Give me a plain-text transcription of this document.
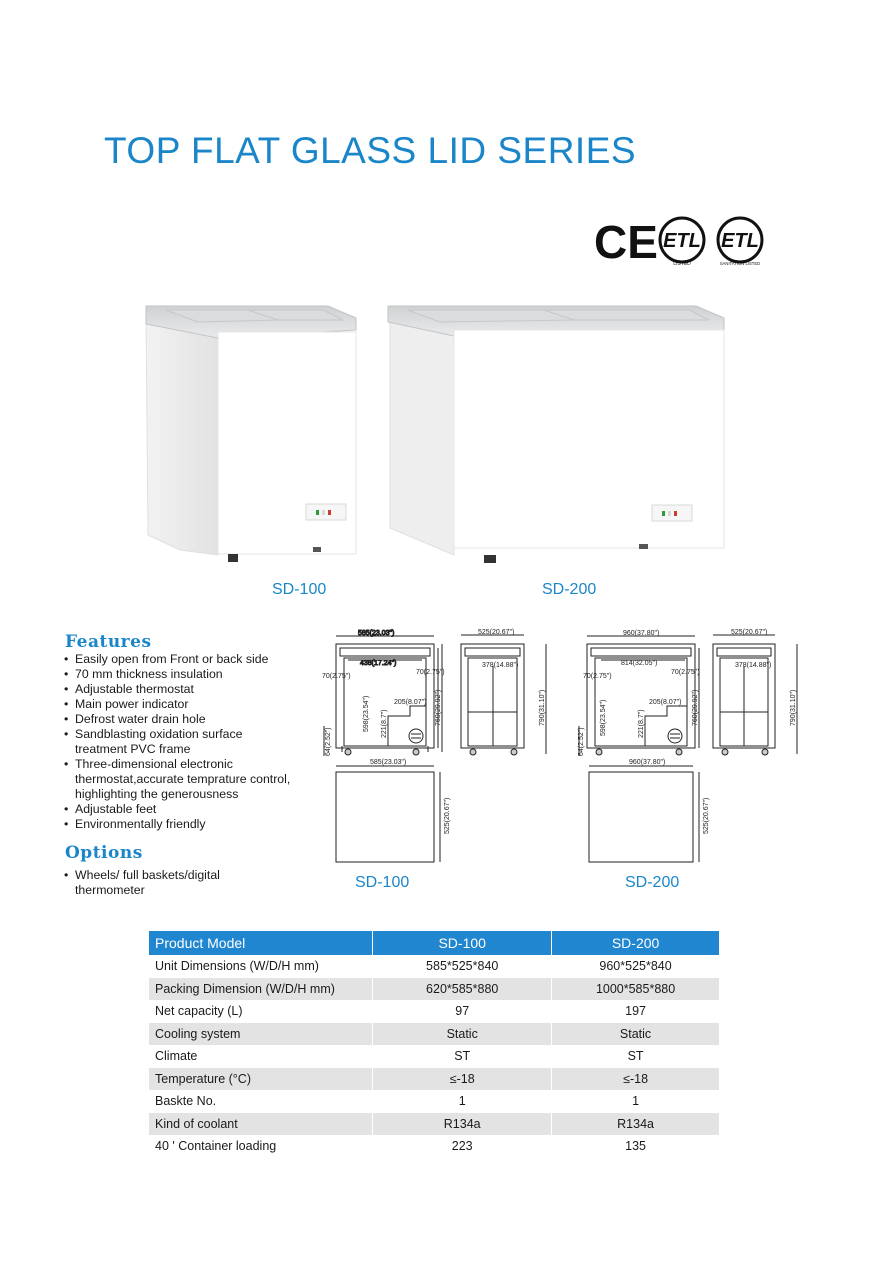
TOP FLAT GLASS LID SERIES
CE ETL
LISTED
ETL
SANITATION LISTED
SD-100	SD-200
Features
• Easily open from Front or back side
• 70 mm thickness insulation
• Adjustable thermostat
• Main power indicator
• Defrost water drain hole
• Sandblasting oxidation surface treatment PVC frame
• Three-dimensional electronic thermostat,accurate temprature control, highlighting the generousness
• Adjustable feet
• Environmentally friendly
Options
• Wheels/ full baskets/digital thermometer
585(23.03")
438(17.24")
70(2.75")
70(2.75")
598(23.54")	205(8.07")
221(8.7")
64(2.52")
760(29.92")
525(20.67")
378(14.88")
790(31.10")
585(23.03")
525(20.67")
SD-100
960(37.80")
814(32.05")
70(2.75")
70(2.75")
598(23.54")	205(8.07")
221(8.7")
64(2.52")
760(29.92")
525(20.67")
378(14.88")
790(31.10")
960(37.80")
525(20.67")
SD-200
Product Model	SD-100	SD-200
Unit Dimensions (W/D/H mm)	585*525*840	960*525*840
Packing Dimension (W/D/H mm)	620*585*880	1000*585*880
Net capacity (L)	97	197
Cooling system	Static	Static
Climate	ST	ST
Temperature (°C)	≤-18	≤-18
Baskte No.	1	1
Kind of coolant	R134a	R134a
40 ' Container loading	223	135
